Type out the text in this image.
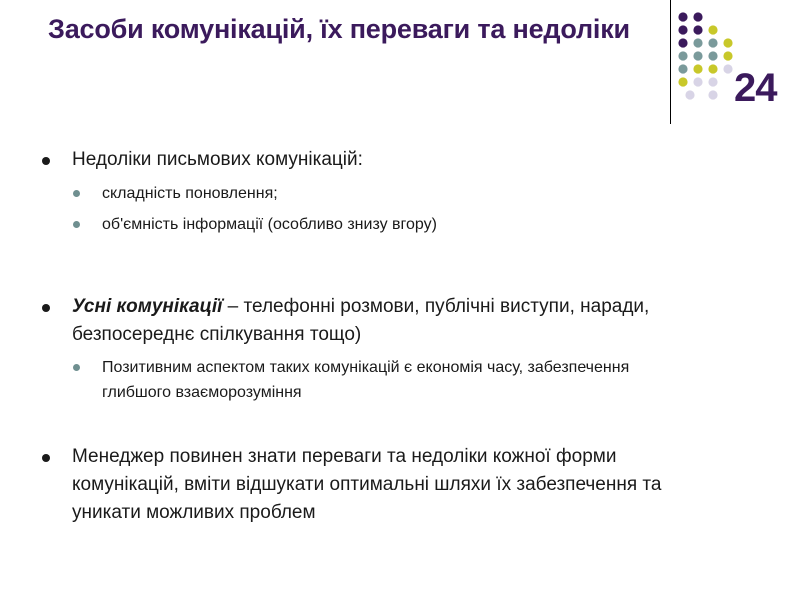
Засоби комунікацій, їх переваги та недоліки
24
Недоліки письмових комунікацій:
складність поновлення;
об'ємність інформації (особливо знизу вгору)
Усні комунікації – телефонні розмови, публічні виступи, наради, безпосереднє спілкування тощо)
Позитивним аспектом таких комунікацій є економія часу, забезпечення глибшого взаєморозуміння
Менеджер повинен знати переваги та недоліки кожної форми комунікацій, вміти відшукати оптимальні шляхи їх забезпечення та уникати можливих проблем
